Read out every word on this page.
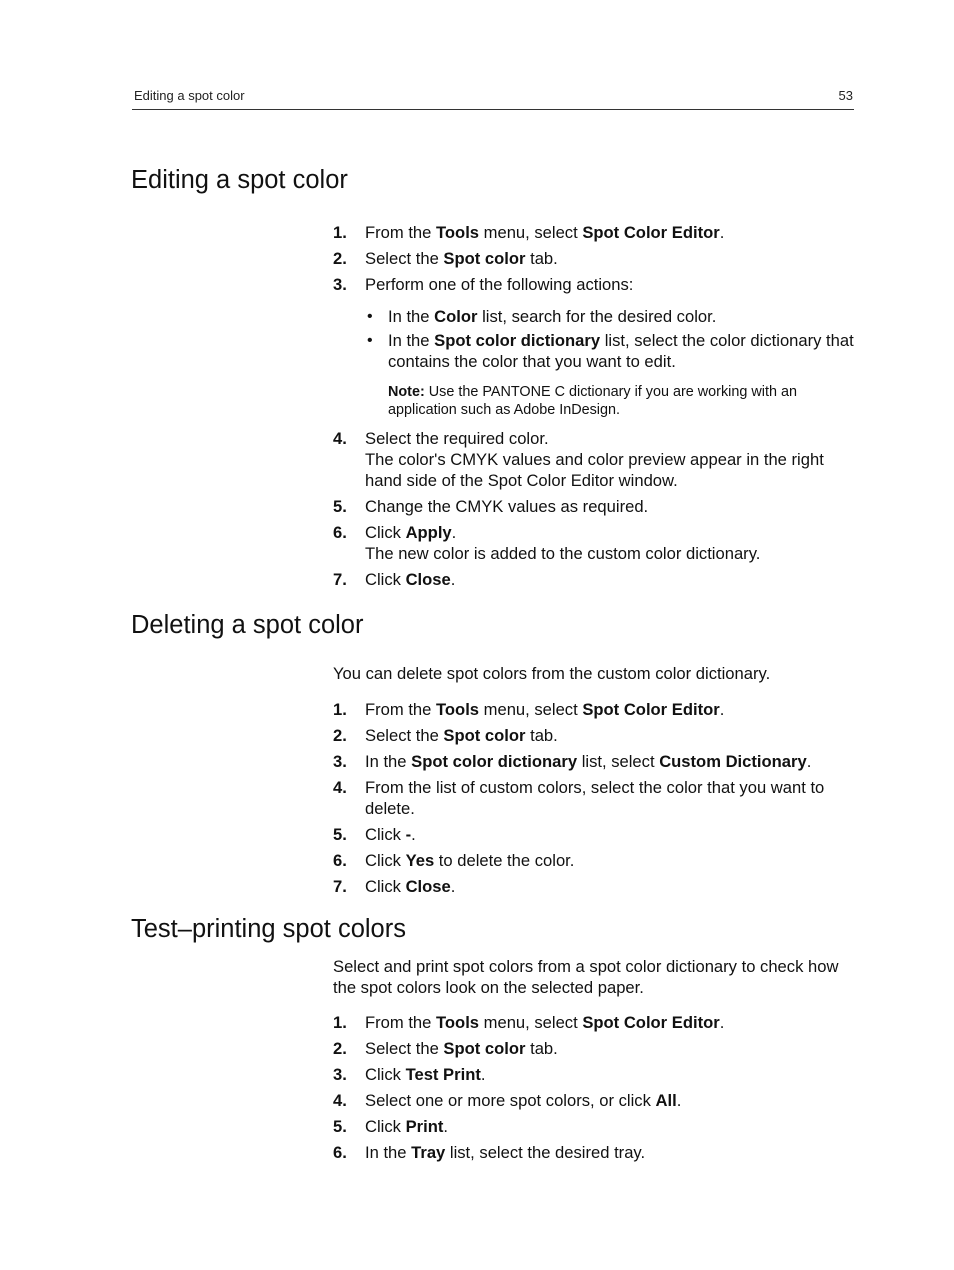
Editing a spot color	53
Editing a spot color
1. From the Tools menu, select Spot Color Editor.
2. Select the Spot color tab.
3. Perform one of the following actions:
• In the Color list, search for the desired color.
• In the Spot color dictionary list, select the color dictionary that contains the color that you want to edit.
Note: Use the PANTONE C dictionary if you are working with an application such as Adobe InDesign.
4. Select the required color.
The color's CMYK values and color preview appear in the right hand side of the Spot Color Editor window.
5. Change the CMYK values as required.
6. Click Apply.
The new color is added to the custom color dictionary.
7. Click Close.
Deleting a spot color

You can delete spot colors from the custom color dictionary.

1. From the Tools menu, select Spot Color Editor.
2. Select the Spot color tab.
3. In the Spot color dictionary list, select Custom Dictionary.
4. From the list of custom colors, select the color that you want to delete.
5. Click -.
6. Click Yes to delete the color.
7. Click Close.
Test–printing spot colors

Select and print spot colors from a spot color dictionary to check how the spot colors look on the selected paper.

1. From the Tools menu, select Spot Color Editor.
2. Select the Spot color tab.
3. Click Test Print.
4. Select one or more spot colors, or click All.
5. Click Print.
6. In the Tray list, select the desired tray.
